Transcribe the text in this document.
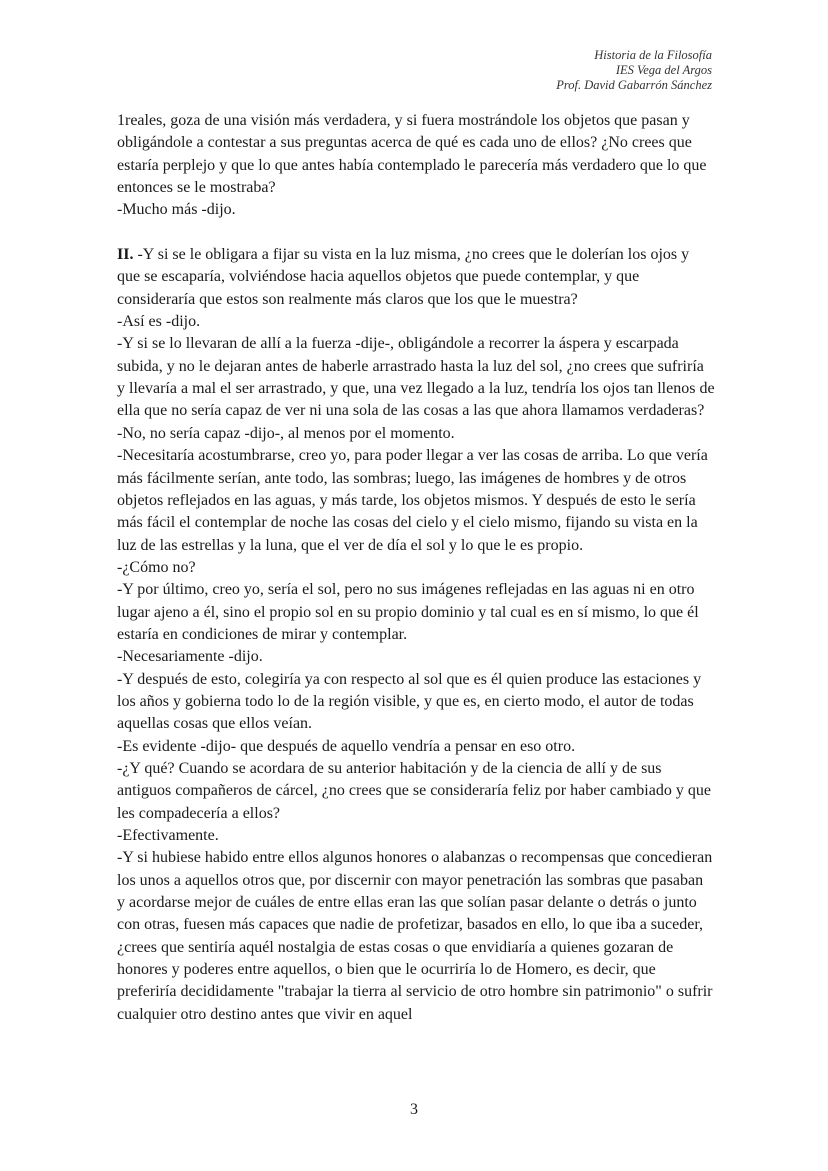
Historia de la Filosofía
IES Vega del Argos
Prof. David Gabarrón Sánchez

1reales, goza de una visión más verdadera, y si fuera mostrándole los objetos que pasan y obligándole a contestar a sus preguntas acerca de qué es cada uno de ellos? ¿No crees que estaría perplejo y que lo que antes había contemplado le parecería más verdadero que lo que entonces se le mostraba?

-Mucho más -dijo.

II. -Y si se le obligara a fijar su vista en la luz misma, ¿no crees que le dolerían los ojos y que se escaparía, volviéndose hacia aquellos objetos que puede contemplar, y que consideraría que estos son realmente más claros que los que le muestra?

-Así es -dijo.

-Y si se lo llevaran de allí a la fuerza -dije-, obligándole a recorrer la áspera y escarpada subida, y no le dejaran antes de haberle arrastrado hasta la luz del sol, ¿no crees que sufriría y llevaría a mal el ser arrastrado, y que, una vez llegado a la luz, tendría los ojos tan llenos de ella que no sería capaz de ver ni una sola de las cosas a las que ahora llamamos verdaderas?

-No, no sería capaz -dijo-, al menos por el momento.

-Necesitaría acostumbrarse, creo yo, para poder llegar a ver las cosas de arriba. Lo que vería más fácilmente serían, ante todo, las sombras; luego, las imágenes de hombres y de otros objetos reflejados en las aguas, y más tarde, los objetos mismos. Y después de esto le sería más fácil el contemplar de noche las cosas del cielo y el cielo mismo, fijando su vista en la luz de las estrellas y la luna, que el ver de día el sol y lo que le es propio.

-¿Cómo no?

-Y por último, creo yo, sería el sol, pero no sus imágenes reflejadas en las aguas ni en otro lugar ajeno a él, sino el propio sol en su propio dominio y tal cual es en sí mismo, lo que él estaría en condiciones de mirar y contemplar.

-Necesariamente -dijo.

-Y después de esto, colegiría ya con respecto al sol que es él quien produce las estaciones y los años y gobierna todo lo de la región visible, y que es, en cierto modo, el autor de todas aquellas cosas que ellos veían.

-Es evidente -dijo- que después de aquello vendría a pensar en eso otro.

-¿Y qué? Cuando se acordara de su anterior habitación y de la ciencia de allí y de sus antiguos compañeros de cárcel, ¿no crees que se consideraría feliz por haber cambiado y que les compadecería a ellos?

-Efectivamente.

-Y si hubiese habido entre ellos algunos honores o alabanzas o recompensas que concedieran los unos a aquellos otros que, por discernir con mayor penetración las sombras que pasaban y acordarse mejor de cuáles de entre ellas eran las que solían pasar delante o detrás o junto con otras, fuesen más capaces que nadie de profetizar, basados en ello, lo que iba a suceder, ¿crees que sentiría aquél nostalgia de estas cosas o que envidiaría a quienes gozaran de honores y poderes entre aquellos, o bien que le ocurriría lo de Homero, es decir, que preferiría decididamente "trabajar la tierra al servicio de otro hombre sin patrimonio" o sufrir cualquier otro destino antes que vivir en aquel

3
